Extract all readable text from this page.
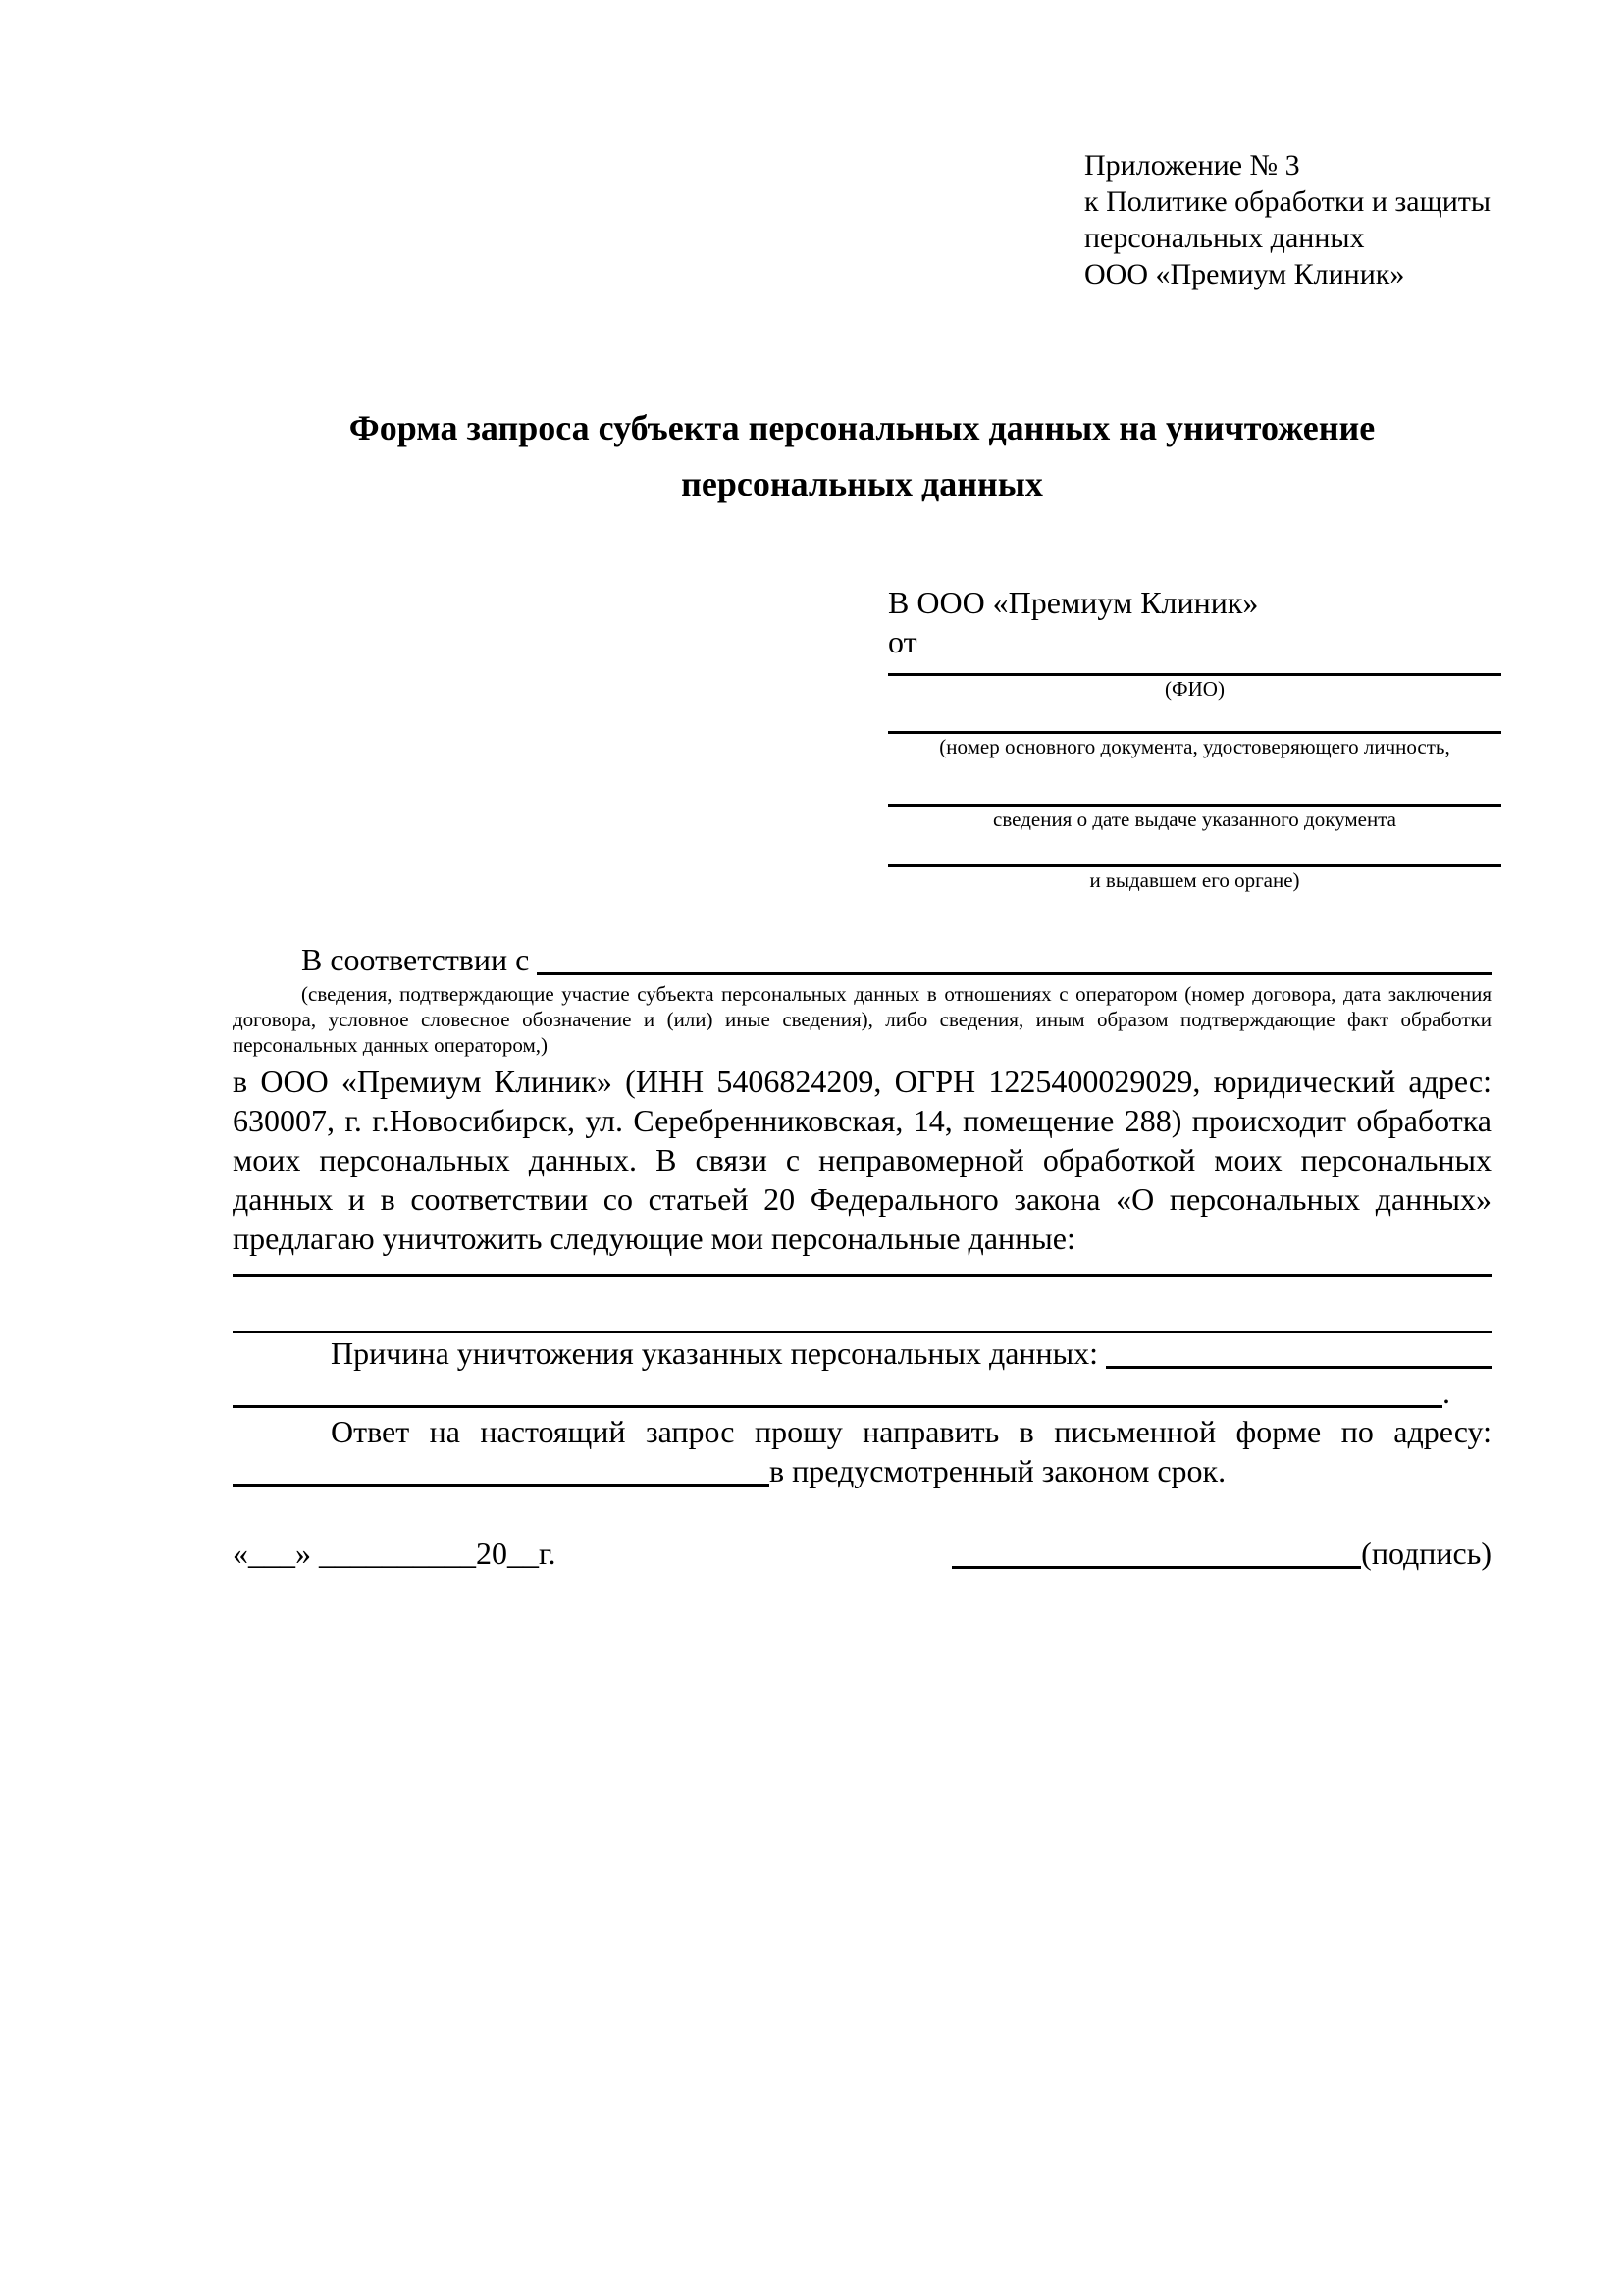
Приложение № 3
к Политике обработки и защиты
персональных данных
ООО «Премиум Клиник»
Форма запроса субъекта персональных данных на уничтожение персональных данных
В ООО «Премиум Клиник»
от
(ФИО)
(номер основного документа, удостоверяющего личность,
сведения о дате выдаче указанного документа
и выдавшем его органе)
В соответствии с
(сведения, подтверждающие участие субъекта персональных данных в отношениях с оператором (номер договора, дата заключения договора, условное словесное обозначение и (или) иные сведения), либо сведения, иным образом подтверждающие факт обработки персональных данных оператором,)
в ООО «Премиум Клиник» (ИНН 5406824209, ОГРН 1225400029029, юридический адрес: 630007, г. г.Новосибирск, ул. Серебренниковская, 14, помещение 288) происходит обработка моих персональных данных. В связи с неправомерной обработкой моих персональных данных и в соответствии со статьей 20 Федерального закона «О персональных данных» предлагаю уничтожить следующие мои персональные данные:
Причина уничтожения указанных персональных данных:
.
Ответ на настоящий запрос прошу направить в письменной форме по адресу:
в предусмотренный законом срок.
«___» __________20__г.	(подпись)
